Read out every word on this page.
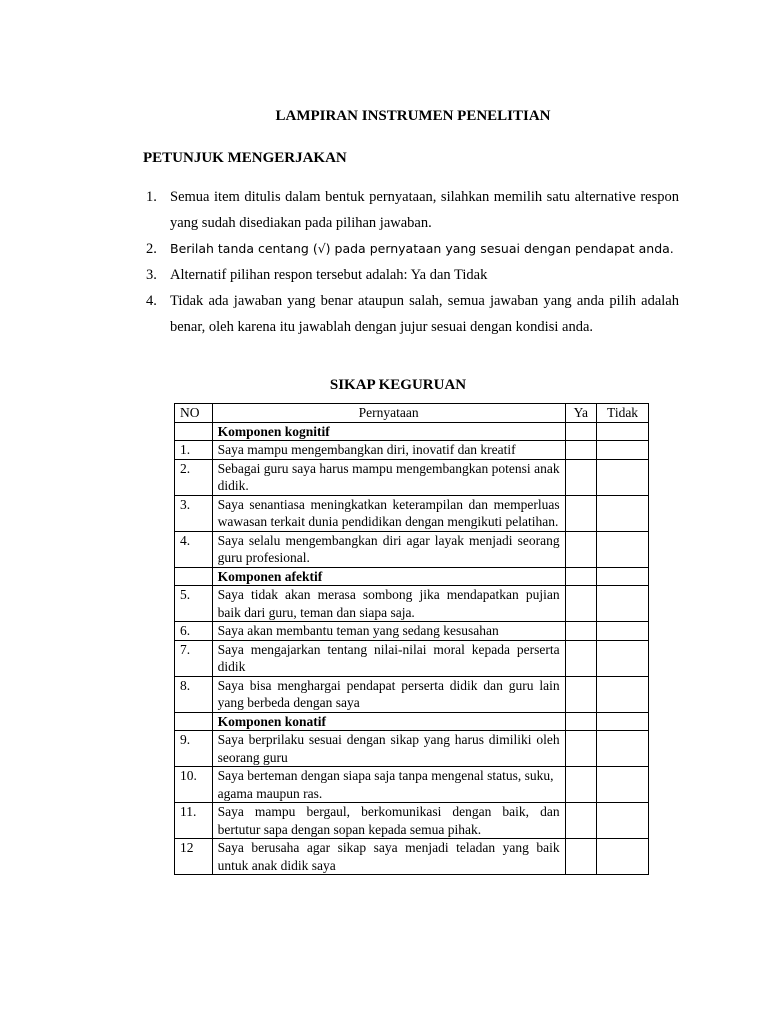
LAMPIRAN INSTRUMEN PENELITIAN
PETUNJUK MENGERJAKAN
1. Semua item ditulis dalam bentuk pernyataan, silahkan memilih satu alternative respon yang sudah disediakan pada pilihan jawaban.
2. Berilah tanda centang (√) pada pernyataan yang sesuai dengan pendapat anda.
3. Alternatif pilihan respon tersebut adalah: Ya dan Tidak
4. Tidak ada jawaban yang benar ataupun salah, semua jawaban yang anda pilih adalah benar, oleh karena itu jawablah dengan jujur sesuai dengan kondisi anda.
SIKAP KEGURUAN
NO	Pernyataan	Ya	Tidak
	Komponen kognitif		
1.	Saya mampu mengembangkan diri, inovatif dan kreatif		
2.	Sebagai guru saya harus mampu mengembangkan potensi anak didik.		
3.	Saya senantiasa meningkatkan keterampilan dan memperluas wawasan terkait dunia pendidikan dengan mengikuti pelatihan.		
4.	Saya selalu mengembangkan diri agar layak menjadi seorang guru profesional.		
	Komponen afektif		
5.	Saya tidak akan merasa sombong jika mendapatkan pujian baik dari guru, teman dan siapa saja.		
6.	Saya akan membantu teman yang sedang kesusahan		
7.	Saya mengajarkan tentang nilai-nilai moral kepada perserta didik		
8.	Saya bisa menghargai pendapat perserta didik dan guru lain yang berbeda dengan saya		
	Komponen konatif		
9.	Saya berprilaku sesuai dengan sikap yang harus dimiliki oleh seorang guru		
10.	Saya berteman dengan siapa saja tanpa mengenal status, suku,
agama maupun ras.		
11.	Saya mampu bergaul, berkomunikasi dengan baik, dan bertutur sapa dengan sopan kepada semua pihak.		
12	Saya berusaha agar sikap saya menjadi teladan yang baik untuk anak didik saya		
